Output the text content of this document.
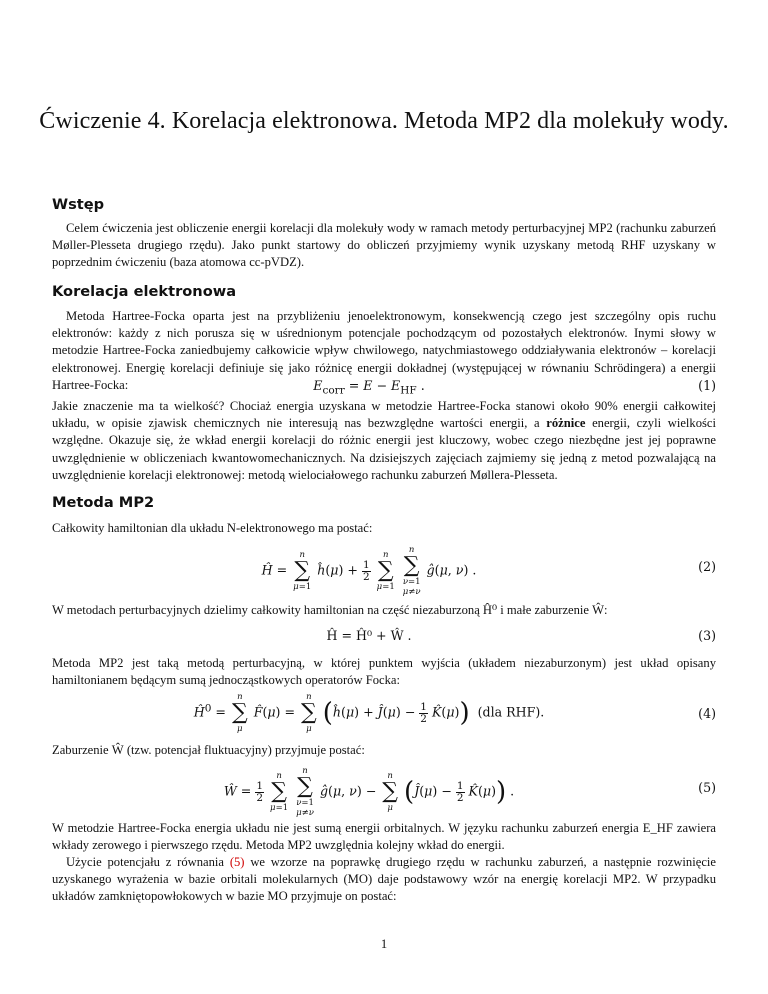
Ćwiczenie 4. Korelacja elektronowa. Metoda MP2 dla molekuły wody.
Wstęp
Celem ćwiczenia jest obliczenie energii korelacji dla molekuły wody w ramach metody perturbacyjnej MP2 (rachunku zaburzeń Møller-Plesseta drugiego rzędu). Jako punkt startowy do obliczeń przyjmiemy wynik uzyskany metodą RHF uzyskany w poprzednim ćwiczeniu (baza atomowa cc-pVDZ).
Korelacja elektronowa
Metoda Hartree-Focka oparta jest na przybliżeniu jenoelektronowym, konsekwencją czego jest szczególny opis ruchu elektronów: każdy z nich porusza się w uśrednionym potencjale pochodzącym od pozostałych elektronów. Inymi słowy w metodzie Hartree-Focka zaniedbujemy całkowicie wpływ chwilowego, natychmiastowego oddziaływania elektronów – korelacji elektronowej. Energię korelacji definiuje się jako różnicę energii dokładnej (występującej w równaniu Schrödingera) a energii Hartree-Focka:	$E_{corr} = E - E_{HF}$ .	(1)
Jakie znaczenie ma ta wielkość? Chociaż energia uzyskana w metodzie Hartree-Focka stanowi około 90% energii całkowitej układu, w opisie zjawisk chemicznych nie interesują nas bezwzględne wartości energii, a różnice energii, czyli wielkości względne. Okazuje się, że wkład energii korelacji do różnic energii jest kluczowy, wobec czego niezbędne jest jej poprawne uwzględnienie w obliczeniach kwantowomechanicznych. Na dzisiejszych zajęciach zajmiemy się jedną z metod pozwalającą na uwzględnienie korelacji elektronowej: metodą wielociałowego rachunku zaburzeń Møllera-Plesseta.
Metoda MP2
Całkowity hamiltonian dla układu N-elektronowego ma postać:
Ĥ =
n
∑
μ=1
ĥ(μ) + $\frac{1}{2}$

n
∑
μ=1

n
∑
ν=1
μ≠ν
ĝ(μ, ν) .	(2)
W metodach perturbacyjnych dzielimy całkowity hamiltonian na część niezaburzoną Ĥ⁰ i małe zaburzenie Ŵ:
Ĥ = Ĥ⁰ + Ŵ .	(3)
Metoda MP2 jest taką metodą perturbacyjną, w której punktem wyjścia (układem niezaburzonym) jest układ opisany hamiltonianem będącym sumą jednocząstkowych operatorów Focka:
$Ĥ^0$ =
n
∑
μ
F̂(μ) =
n
∑
μ
(ĥ(μ) + Ĵ(μ) − $\frac{1}{2}$ K̂(μ)) (dla RHF).	(4)
Zaburzenie Ŵ (tzw. potencjał fluktuacyjny) przyjmuje postać:
Ŵ = $\frac{1}{2}$

n
∑
μ=1

n
∑
ν=1
μ≠ν
ĝ(μ, ν) −
n
∑
μ
(Ĵ(μ) − $\frac{1}{2}$ K̂(μ)) .	(5)
W metodzie Hartree-Focka energia układu nie jest sumą energii orbitalnych. W języku rachunku zaburzeń energia E_HF zawiera wkłady zerowego i pierwszego rzędu. Metoda MP2 uwzględnia kolejny wkład do energii.
Użycie potencjału z równania (5) we wzorze na poprawkę drugiego rzędu w rachunku zaburzeń, a następnie rozwinięcie uzyskanego wyrażenia w bazie orbitali molekularnych (MO) daje podstawowy wzór na energię korelacji MP2. W przypadku układów zamkniętopowłokowych w bazie MO przyjmuje on postać:
1
